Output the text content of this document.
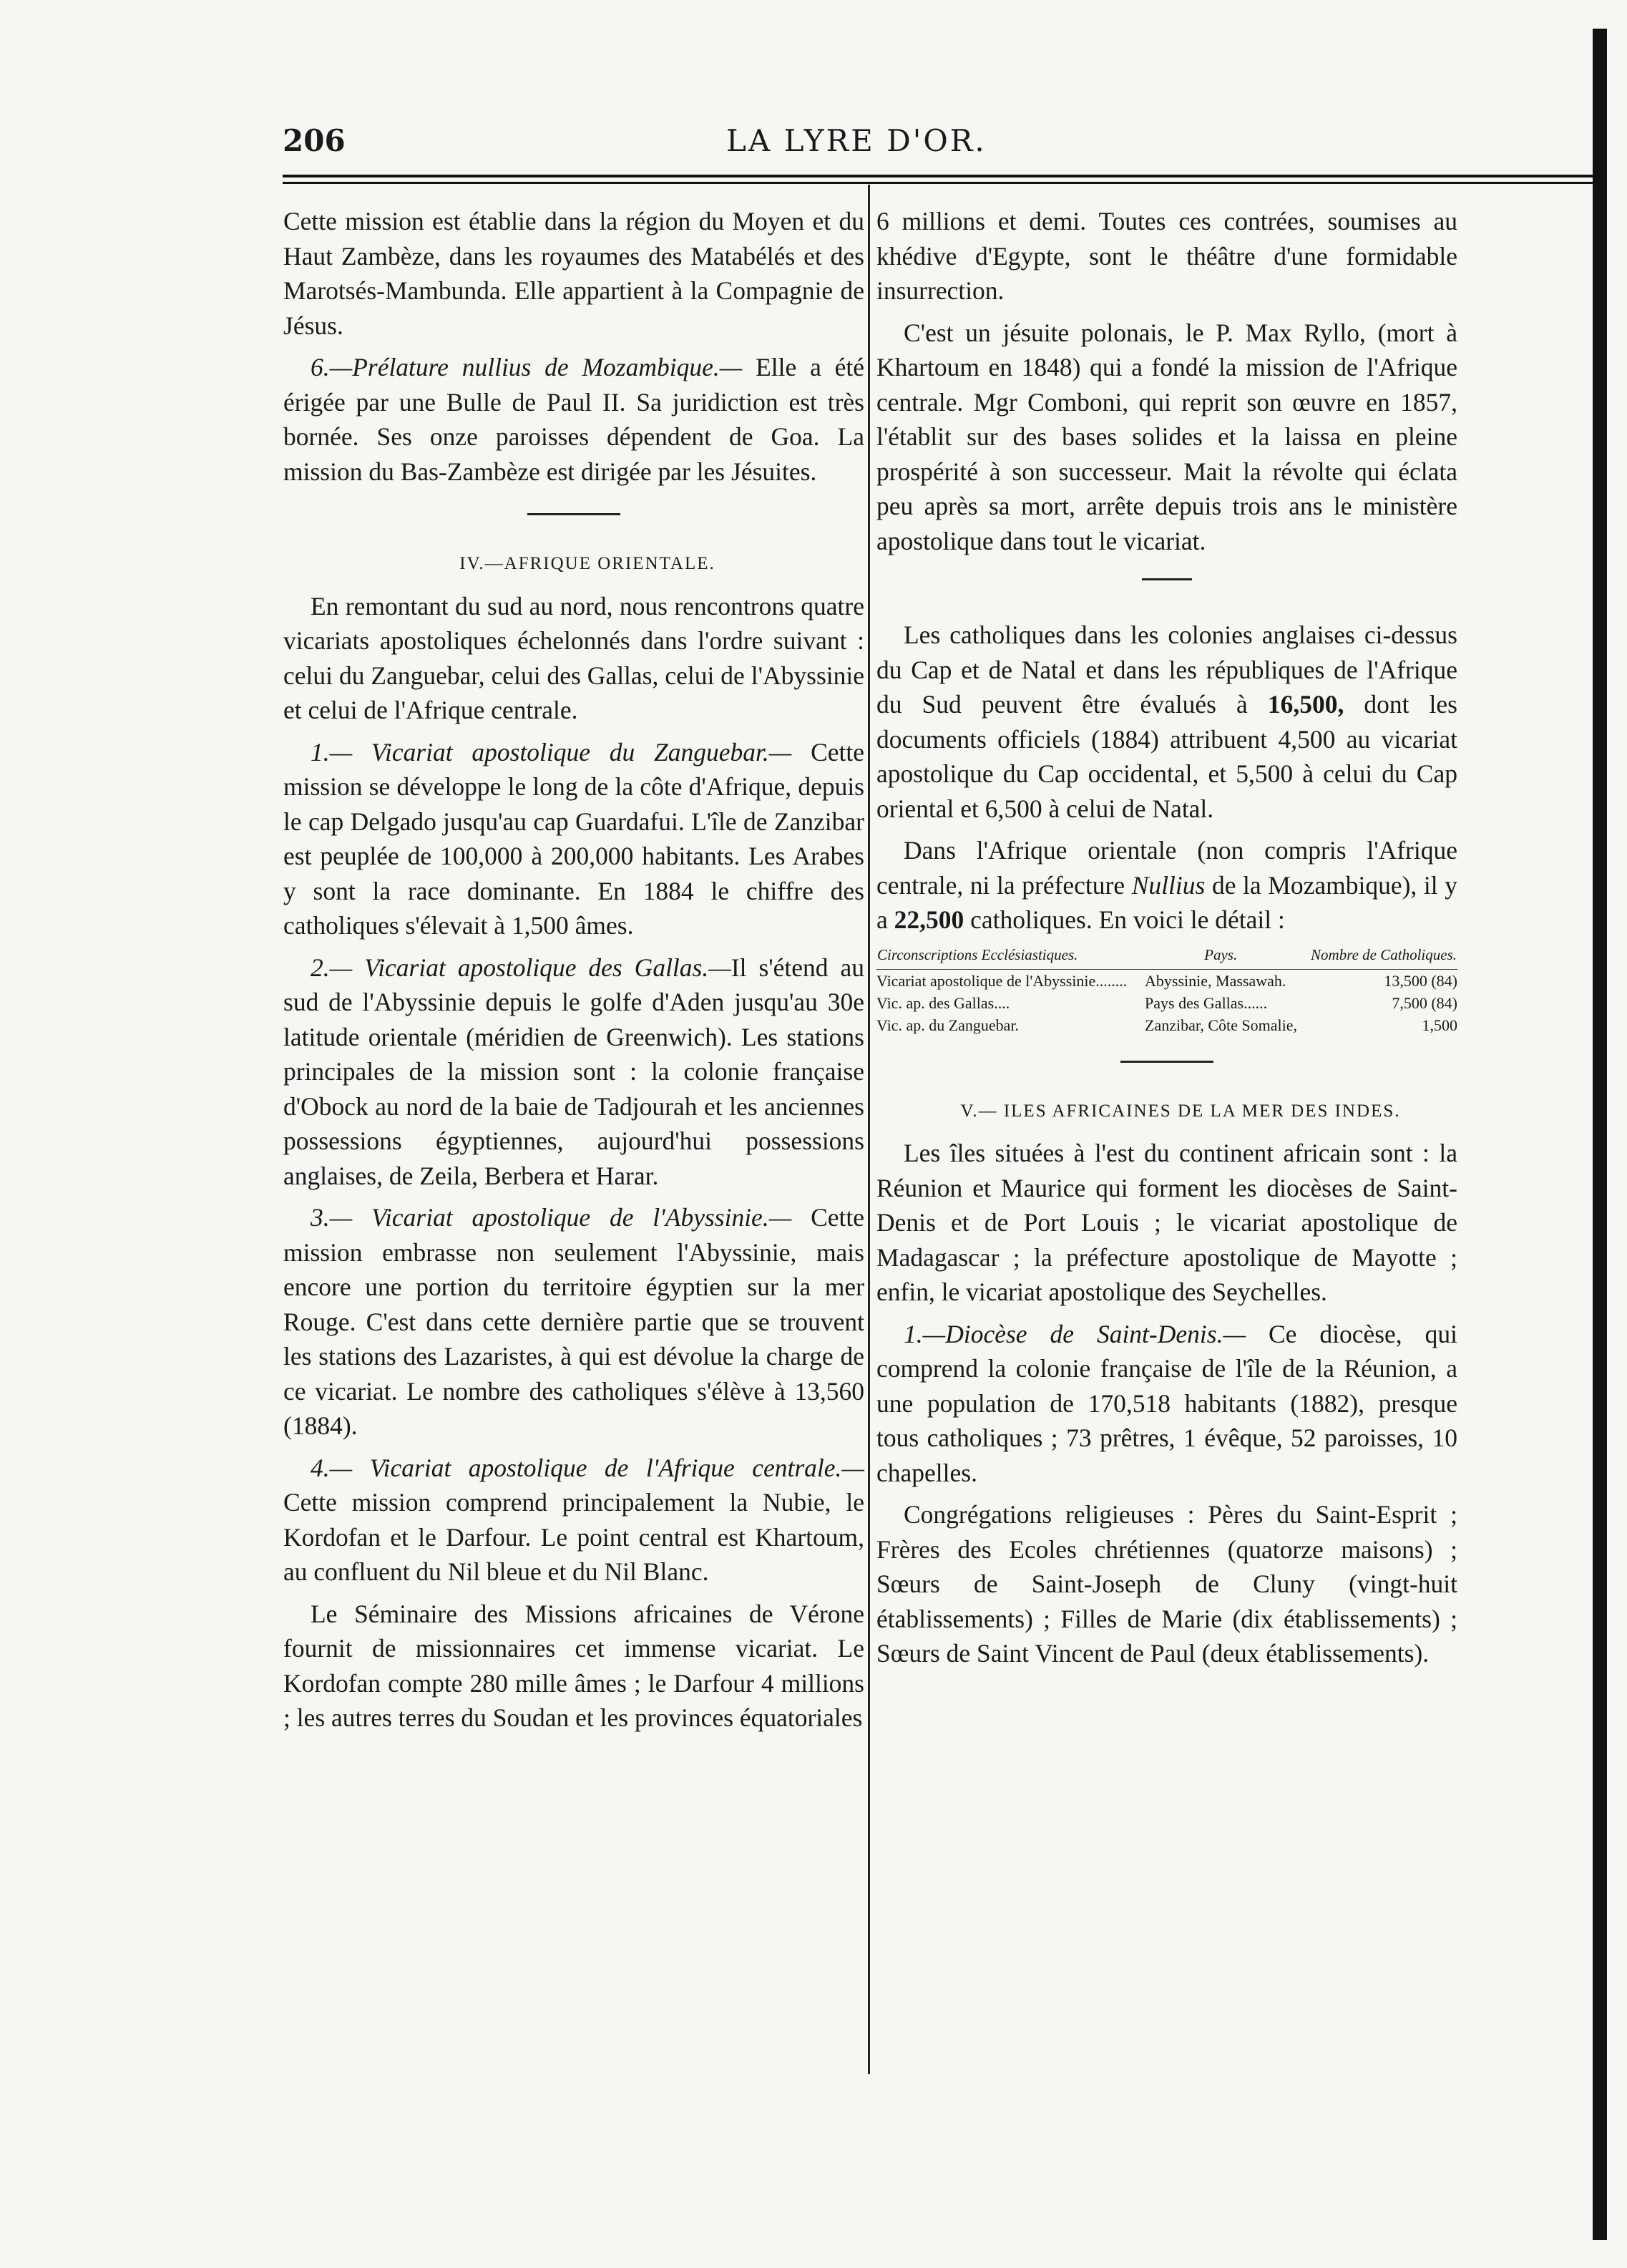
206	LA LYRE D'OR.

Cette mission est établie dans la région du Moyen et du Haut Zambèze, dans les royaumes des Matabélés et des Marotsés-Mambunda. Elle appartient à la Compagnie de Jésus.

6.—Prélature nullius de Mozambique.— Elle a été érigée par une Bulle de Paul II. Sa juridiction est très bornée. Ses onze paroisses dépendent de Goa. La mission du Bas-Zambèze est dirigée par les Jésuites.

IV.—AFRIQUE ORIENTALE.

En remontant du sud au nord, nous rencontrons quatre vicariats apostoliques échelonnés dans l'ordre suivant : celui du Zanguebar, celui des Gallas, celui de l'Abyssinie et celui de l'Afrique centrale.

1.— Vicariat apostolique du Zanguebar.— Cette mission se développe le long de la côte d'Afrique, depuis le cap Delgado jusqu'au cap Guardafui. L'île de Zanzibar est peuplée de 100,000 à 200,000 habitants. Les Arabes y sont la race dominante. En 1884 le chiffre des catholiques s'élevait à 1,500 âmes.

2.— Vicariat apostolique des Gallas.—Il s'étend au sud de l'Abyssinie depuis le golfe d'Aden jusqu'au 30e latitude orientale (méridien de Greenwich). Les stations principales de la mission sont : la colonie française d'Obock au nord de la baie de Tadjourah et les anciennes possessions égyptiennes, aujourd'hui possessions anglaises, de Zeila, Berbera et Harar.

3.— Vicariat apostolique de l'Abyssinie.— Cette mission embrasse non seulement l'Abyssinie, mais encore une portion du territoire égyptien sur la mer Rouge. C'est dans cette dernière partie que se trouvent les stations des Lazaristes, à qui est dévolue la charge de ce vicariat. Le nombre des catholiques s'élève à 13,560 (1884).

4.— Vicariat apostolique de l'Afrique centrale.— Cette mission comprend principalement la Nubie, le Kordofan et le Darfour. Le point central est Khartoum, au confluent du Nil bleue et du Nil Blanc.

Le Séminaire des Missions africaines de Vérone fournit de missionnaires cet immense vicariat. Le Kordofan compte 280 mille âmes ; le Darfour 4 millions ; les autres terres du Soudan et les provinces équatoriales

6 millions et demi. Toutes ces contrées, soumises au khédive d'Egypte, sont le théâtre d'une formidable insurrection.

C'est un jésuite polonais, le P. Max Ryllo, (mort à Khartoum en 1848) qui a fondé la mission de l'Afrique centrale. Mgr Comboni, qui reprit son œuvre en 1857, l'établit sur des bases solides et la laissa en pleine prospérité à son successeur. Mait la révolte qui éclata peu après sa mort, arrête depuis trois ans le ministère apostolique dans tout le vicariat.

Les catholiques dans les colonies anglaises ci-dessus du Cap et de Natal et dans les républiques de l'Afrique du Sud peuvent être évalués à 16,500, dont les documents officiels (1884) attribuent 4,500 au vicariat apostolique du Cap occidental, et 5,500 à celui du Cap oriental et 6,500 à celui de Natal.

Dans l'Afrique orientale (non compris l'Afrique centrale, ni la préfecture Nullius de la Mozambique), il y a 22,500 catholiques. En voici le détail :

Circonscriptions Ecclésiastiques.	Pays.	Nombre de Catholiques.
Vicariat apostolique de l'Abyssinie........	Abyssinie, Massawah.	13,500 (84)
Vic. ap. des Gallas....	Pays des Gallas......	7,500 (84)
Vic. ap. du Zanguebar.	Zanzibar, Côte Somalie,	1,500

V.— ILES AFRICAINES DE LA MER DES INDES.

Les îles situées à l'est du continent africain sont : la Réunion et Maurice qui forment les diocèses de Saint-Denis et de Port Louis ; le vicariat apostolique de Madagascar ; la préfecture apostolique de Mayotte ; enfin, le vicariat apostolique des Seychelles.

1.—Diocèse de Saint-Denis.— Ce diocèse, qui comprend la colonie française de l'île de la Réunion, a une population de 170,518 habitants (1882), presque tous catholiques ; 73 prêtres, 1 évêque, 52 paroisses, 10 chapelles.

Congrégations religieuses : Pères du Saint-Esprit ; Frères des Ecoles chrétiennes (quatorze maisons) ; Sœurs de Saint-Joseph de Cluny (vingt-huit établissements) ; Filles de Marie (dix établissements) ; Sœurs de Saint Vincent de Paul (deux établissements).
